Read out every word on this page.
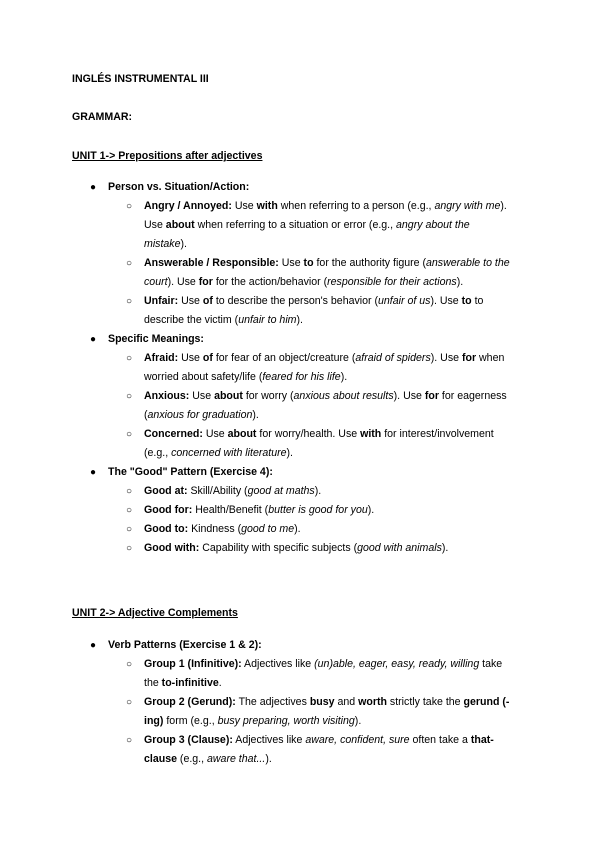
INGLÉS INSTRUMENTAL III

GRAMMAR:

UNIT 1-> Prepositions after adjectives

● Person vs. Situation/Action:
○ Angry / Annoyed: Use with when referring to a person (e.g., angry with me). Use about when referring to a situation or error (e.g., angry about the mistake).
○ Answerable / Responsible: Use to for the authority figure (answerable to the court). Use for for the action/behavior (responsible for their actions).
○ Unfair: Use of to describe the person's behavior (unfair of us). Use to to describe the victim (unfair to him).
● Specific Meanings:
○ Afraid: Use of for fear of an object/creature (afraid of spiders). Use for when worried about safety/life (feared for his life).
○ Anxious: Use about for worry (anxious about results). Use for for eagerness (anxious for graduation).
○ Concerned: Use about for worry/health. Use with for interest/involvement (e.g., concerned with literature).
● The "Good" Pattern (Exercise 4):
○ Good at: Skill/Ability (good at maths).
○ Good for: Health/Benefit (butter is good for you).
○ Good to: Kindness (good to me).
○ Good with: Capability with specific subjects (good with animals).

UNIT 2-> Adjective Complements

● Verb Patterns (Exercise 1 & 2):
○ Group 1 (Infinitive): Adjectives like (un)able, eager, easy, ready, willing take the to-infinitive.
○ Group 2 (Gerund): The adjectives busy and worth strictly take the gerund (-ing) form (e.g., busy preparing, worth visiting).
○ Group 3 (Clause): Adjectives like aware, confident, sure often take a that-clause (e.g., aware that...).
